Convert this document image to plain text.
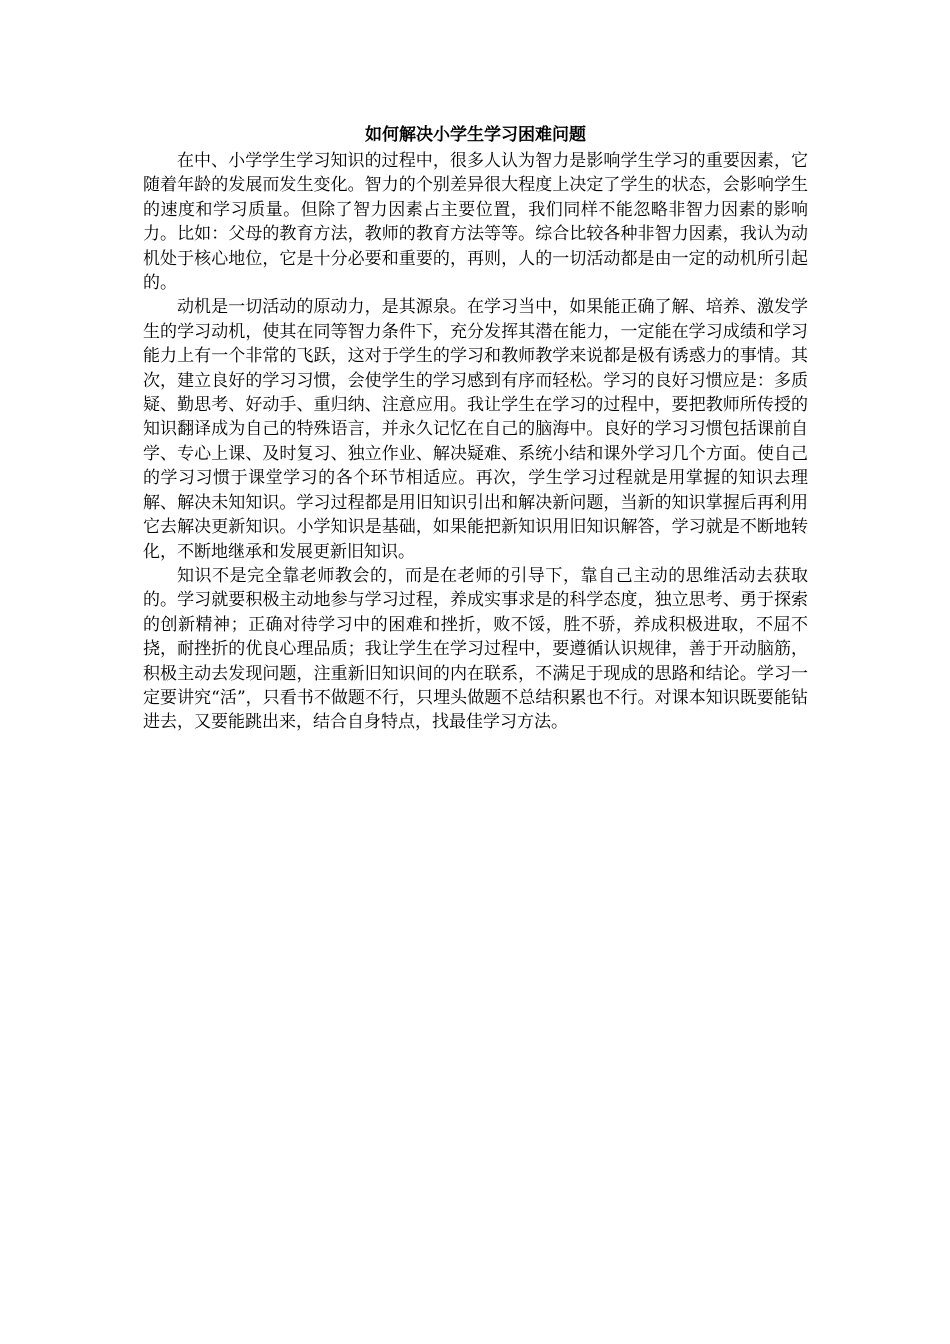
如何解决小学生学习困难问题

在中、小学学生学习知识的过程中，很多人认为智力是影响学生学习的重要因素，它随着年龄的发展而发生变化。智力的个别差异很大程度上决定了学生的状态，会影响学生的速度和学习质量。但除了智力因素占主要位置，我们同样不能忽略非智力因素的影响力。比如：父母的教育方法，教师的教育方法等等。综合比较各种非智力因素，我认为动机处于核心地位，它是十分必要和重要的，再则，人的一切活动都是由一定的动机所引起的。

动机是一切活动的原动力，是其源泉。在学习当中，如果能正确了解、培养、激发学生的学习动机，使其在同等智力条件下，充分发挥其潜在能力，一定能在学习成绩和学习能力上有一个非常的飞跃，这对于学生的学习和教师教学来说都是极有诱惑力的事情。其次，建立良好的学习习惯，会使学生的学习感到有序而轻松。学习的良好习惯应是：多质疑、勤思考、好动手、重归纳、注意应用。我让学生在学习的过程中，要把教师所传授的知识翻译成为自己的特殊语言，并永久记忆在自己的脑海中。良好的学习习惯包括课前自学、专心上课、及时复习、独立作业、解决疑难、系统小结和课外学习几个方面。使自己的学习习惯于课堂学习的各个环节相适应。再次，学生学习过程就是用掌握的知识去理解、解决未知知识。学习过程都是用旧知识引出和解决新问题，当新的知识掌握后再利用它去解决更新知识。小学知识是基础，如果能把新知识用旧知识解答，学习就是不断地转化，不断地继承和发展更新旧知识。

知识不是完全靠老师教会的，而是在老师的引导下，靠自己主动的思维活动去获取的。学习就要积极主动地参与学习过程，养成实事求是的科学态度，独立思考、勇于探索的创新精神；正确对待学习中的困难和挫折，败不馁，胜不骄，养成积极进取，不屈不挠，耐挫折的优良心理品质；我让学生在学习过程中，要遵循认识规律，善于开动脑筋，积极主动去发现问题，注重新旧知识间的内在联系，不满足于现成的思路和结论。学习一定要讲究“活”，只看书不做题不行，只埋头做题不总结积累也不行。对课本知识既要能钻进去，又要能跳出来，结合自身特点，找最佳学习方法。
